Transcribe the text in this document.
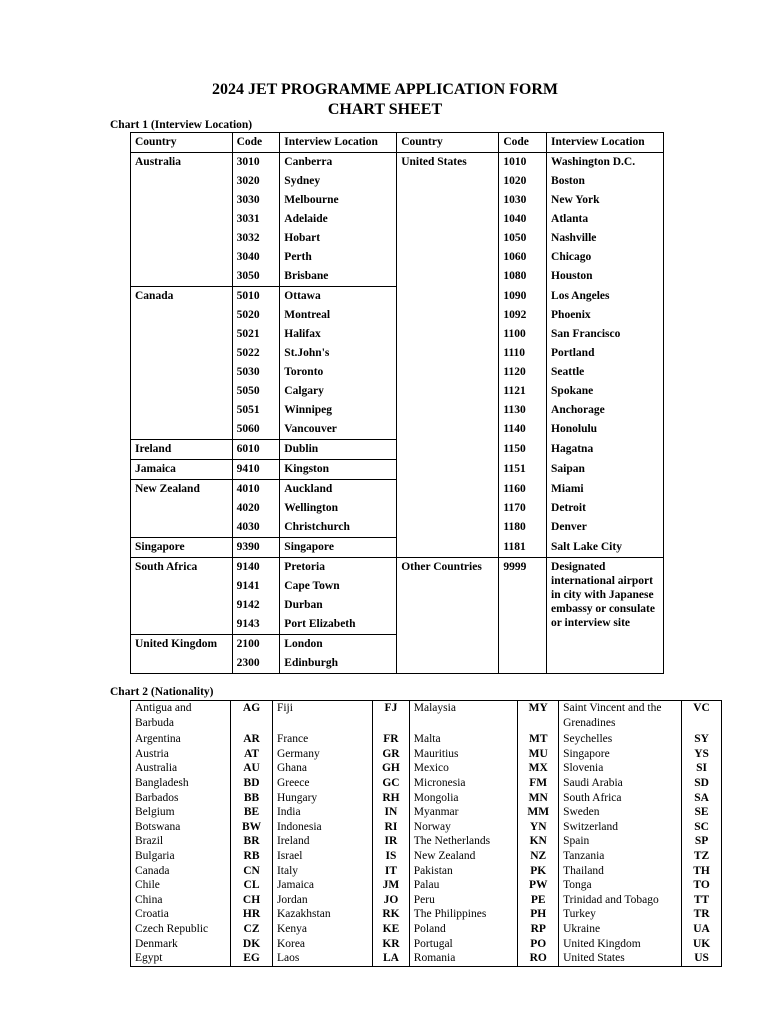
2024 JET PROGRAMME APPLICATION FORM
CHART SHEET
Chart 1 (Interview Location)
Country	Code	Interview Location	Country	Code	Interview Location
Australia	3010	Canberra	United States	1010	Washington D.C.
	3020	Sydney		1020	Boston
	3030	Melbourne		1030	New York
	3031	Adelaide		1040	Atlanta
	3032	Hobart		1050	Nashville
	3040	Perth		1060	Chicago
	3050	Brisbane		1080	Houston
Canada	5010	Ottawa		1090	Los Angeles
	5020	Montreal		1092	Phoenix
	5021	Halifax		1100	San Francisco
	5022	St.John's		1110	Portland
	5030	Toronto		1120	Seattle
	5050	Calgary		1121	Spokane
	5051	Winnipeg		1130	Anchorage
	5060	Vancouver		1140	Honolulu
Ireland	6010	Dublin		1150	Hagatna
Jamaica	9410	Kingston		1151	Saipan
New Zealand	4010	Auckland		1160	Miami
	4020	Wellington		1170	Detroit
	4030	Christchurch		1180	Denver
Singapore	9390	Singapore		1181	Salt Lake City
South Africa	9140	Pretoria	Other Countries	9999	Designated international airport in city with Japanese embassy or consulate or interview site
	9141	Cape Town			
	9142	Durban			
	9143	Port Elizabeth			
United Kingdom	2100	London			
	2300	Edinburgh			
Chart 2 (Nationality)
Antigua and Barbuda	AG	Fiji	FJ	Malaysia	MY	Saint Vincent and the Grenadines	VC
Argentina	AR	France	FR	Malta	MT	Seychelles	SY
Austria	AT	Germany	GR	Mauritius	MU	Singapore	YS
Australia	AU	Ghana	GH	Mexico	MX	Slovenia	SI
Bangladesh	BD	Greece	GC	Micronesia	FM	Saudi Arabia	SD
Barbados	BB	Hungary	RH	Mongolia	MN	South Africa	SA
Belgium	BE	India	IN	Myanmar	MM	Sweden	SE
Botswana	BW	Indonesia	RI	Norway	YN	Switzerland	SC
Brazil	BR	Ireland	IR	The Netherlands	KN	Spain	SP
Bulgaria	RB	Israel	IS	New Zealand	NZ	Tanzania	TZ
Canada	CN	Italy	IT	Pakistan	PK	Thailand	TH
Chile	CL	Jamaica	JM	Palau	PW	Tonga	TO
China	CH	Jordan	JO	Peru	PE	Trinidad and Tobago	TT
Croatia	HR	Kazakhstan	RK	The Philippines	PH	Turkey	TR
Czech Republic	CZ	Kenya	KE	Poland	RP	Ukraine	UA
Denmark	DK	Korea	KR	Portugal	PO	United Kingdom	UK
Egypt	EG	Laos	LA	Romania	RO	United States	US
